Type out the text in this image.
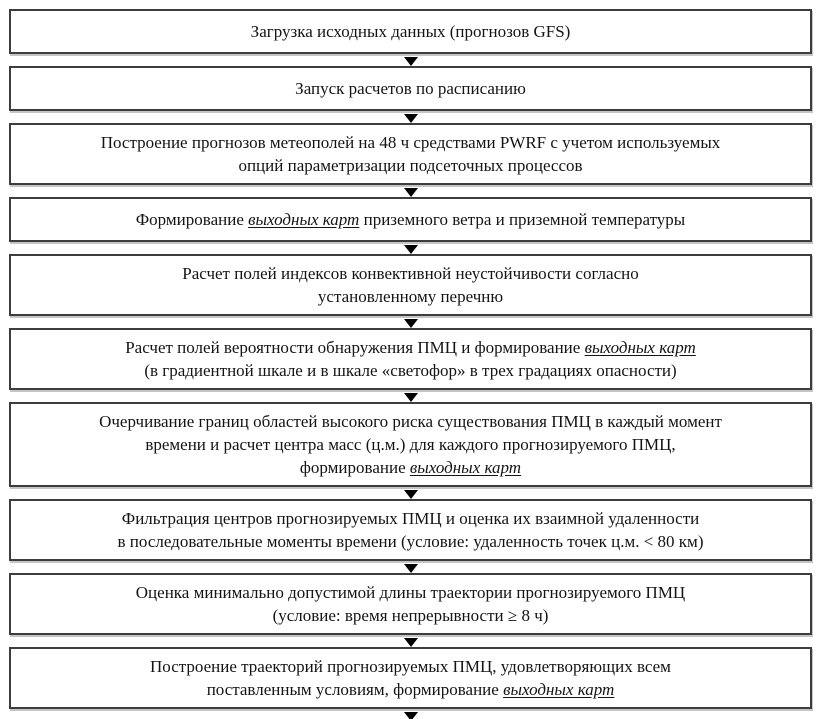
Загрузка исходных данных (прогнозов GFS)
Запуск расчетов по расписанию
Построение прогнозов метеополей на 48 ч средствами PWRF с учетом используемых
опций параметризации подсеточных процессов
Формирование выходных карт приземного ветра и приземной температуры
Расчет полей индексов конвективной неустойчивости согласно
установленному перечню
Расчет полей вероятности обнаружения ПМЦ и формирование выходных карт
(в градиентной шкале и в шкале «светофор» в трех градациях опасности)
Очерчивание границ областей высокого риска существования ПМЦ в каждый момент
времени и расчет центра масс (ц.м.) для каждого прогнозируемого ПМЦ,
формирование выходных карт
Фильтрация центров прогнозируемых ПМЦ и оценка их взаимной удаленности
в последовательные моменты времени (условие: удаленность точек ц.м. < 80 км)
Оценка минимально допустимой длины траектории прогнозируемого ПМЦ
(условие: время непрерывности ≥ 8 ч)
Построение траекторий прогнозируемых ПМЦ, удовлетворяющих всем
поставленным условиям, формирование выходных карт
